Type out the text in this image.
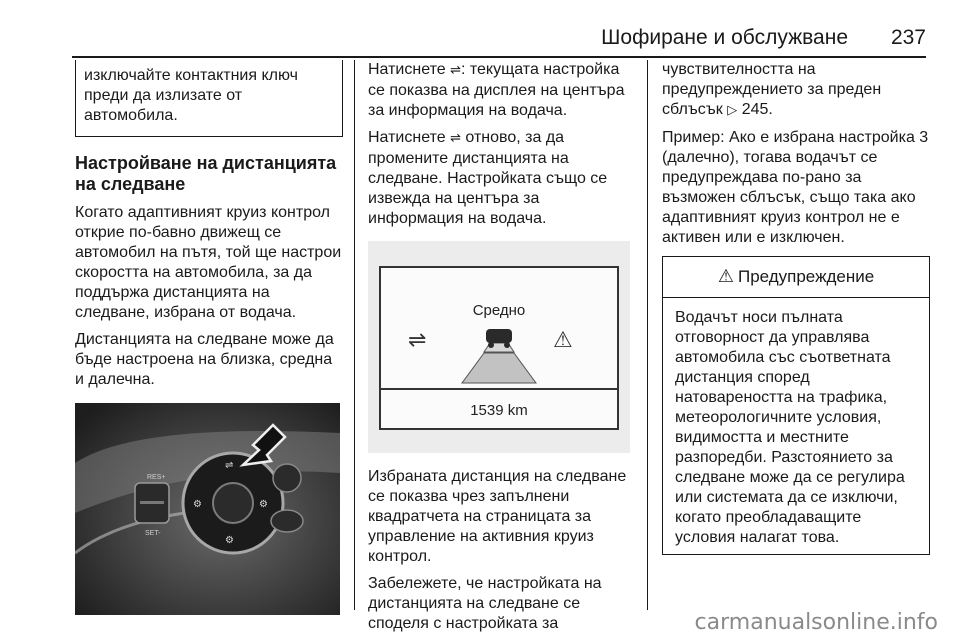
Шофиране и обслужване 237

изключайте контактния ключ преди да излизате от автомобила.

Настройване на дистанцията на следване

Когато адаптивният круиз контрол открие по-бавно движещ се автомобил на пътя, той ще настрои скоростта на автомобила, за да поддържа дистанцията на следване, избрана от водача.

Дистанцията на следване може да бъде настроена на близка, средна и далечна.

RES+
SET-
⇌
⚙	⚙
⚙

Натиснете ⇌: текущата настройка се показва на дисплея на центъра за информация на водача.

Натиснете ⇌ отново, за да промените дистанцията на следване. Настройката също се извежда на центъра за информация на водача.

⇌	⚠
Средно
1539 km

Избраната дистанция на следване се показва чрез запълнени квадратчета на страницата за управление на активния круиз контрол.

Забележете, че настройката на дистанцията на следване се споделя с настройката за

чувствителността на предупреждението за преден сблъсък ▷ 245.

Пример: Ако е избрана настройка 3 (далечно), тогава водачът се предупреждава по-рано за възможен сблъсък, също така ако адаптивният круиз контрол не е активен или е изключен.

⚠ Предупреждение
Водачът носи пълната отговорност да управлява автомобила със съответната дистанция според натовареността на трафика, метеорологичните условия, видимостта и местните разпоредби. Разстоянието за следване може да се регулира или системата да се изключи, когато преобладаващите условия налагат това.
carmanualsonline.info
